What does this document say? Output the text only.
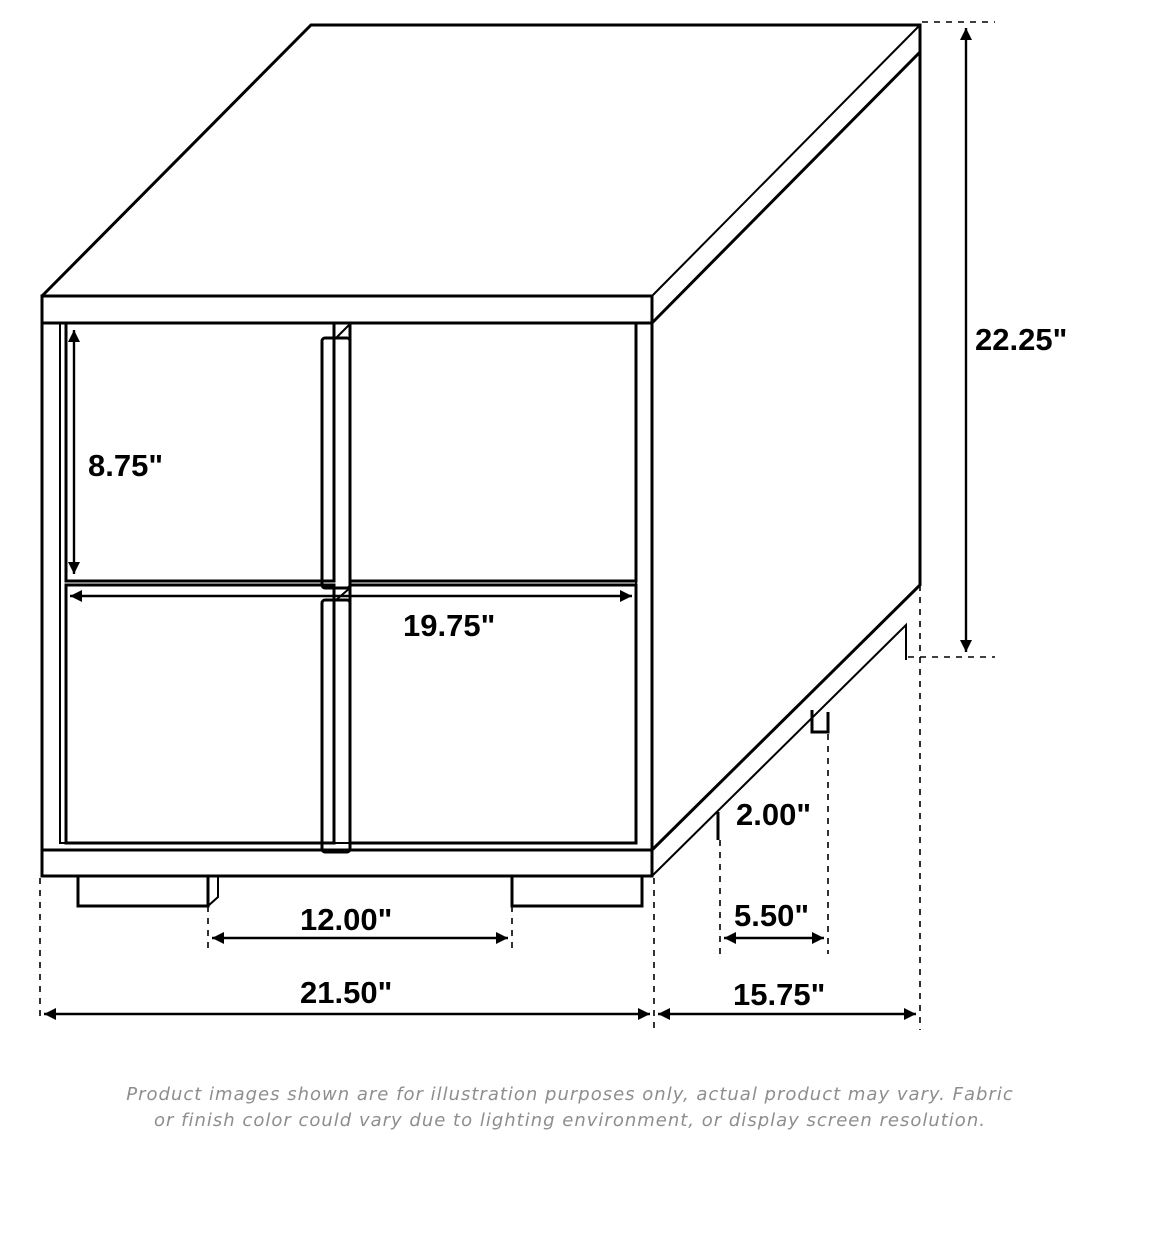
22.25"
8.75"
19.75"
2.00"
12.00"	5.50"
21.50"	15.75"
Product images shown are for illustration purposes only, actual product may vary. Fabric
or finish color could vary due to lighting environment, or display screen resolution.
